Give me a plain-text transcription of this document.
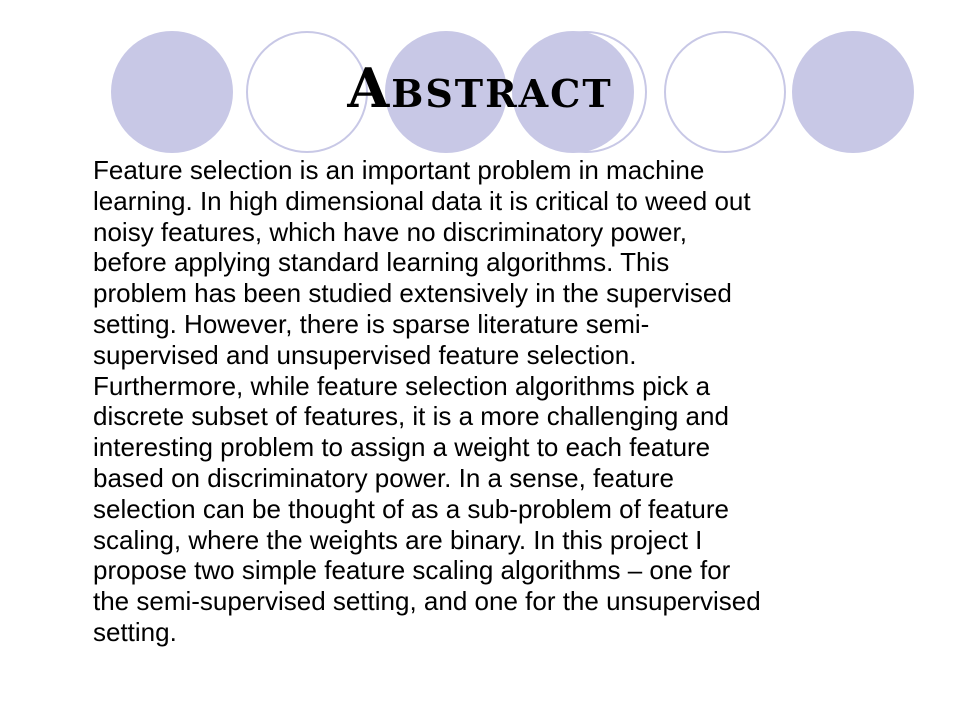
Abstract

Feature selection is an important problem in machine
learning. In high dimensional data it is critical to weed out
noisy features, which have no discriminatory power,
before applying standard learning algorithms. This
problem has been studied extensively in the supervised
setting. However, there is sparse literature semi-
supervised and unsupervised feature selection.
Furthermore, while feature selection algorithms pick a
discrete subset of features, it is a more challenging and
interesting problem to assign a weight to each feature
based on discriminatory power. In a sense, feature
selection can be thought of as a sub-problem of feature
scaling, where the weights are binary. In this project I
propose two simple feature scaling algorithms – one for
the semi-supervised setting, and one for the unsupervised
setting.
